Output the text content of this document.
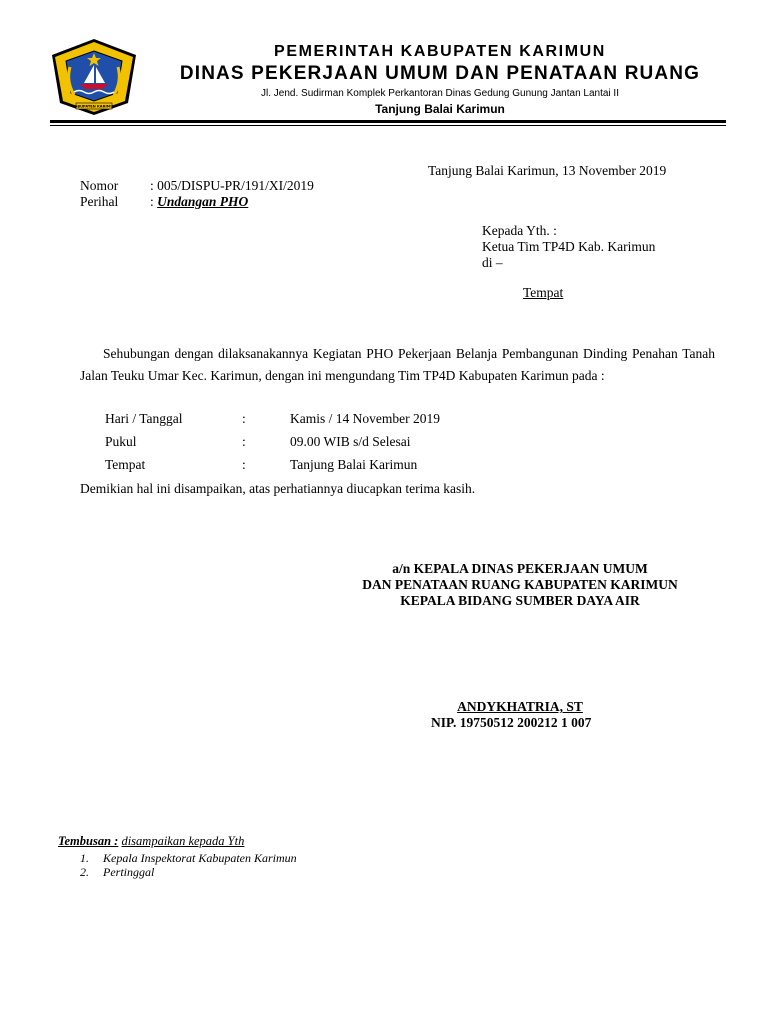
KABUPATEN KARIMUN
PEMERINTAH KABUPATEN KARIMUN
DINAS PEKERJAAN UMUM DAN PENATAAN RUANG
Jl. Jend. Sudirman Komplek Perkantoran Dinas Gedung Gunung Jantan Lantai II
Tanjung Balai Karimun
Tanjung Balai Karimun, 13 November 2019
Nomor : 005/DISPU-PR/191/XI/2019
Perihal : Undangan PHO
Kepada Yth. :
Ketua Tim TP4D Kab. Karimun
di –
Tempat
Sehubungan dengan dilaksanakannya Kegiatan PHO Pekerjaan Belanja Pembangunan Dinding Penahan Tanah Jalan Teuku Umar Kec. Karimun, dengan ini mengundang Tim TP4D Kabupaten Karimun pada :
Hari / Tanggal	:	Kamis / 14 November 2019
Pukul	:	09.00 WIB s/d Selesai
Tempat	:	Tanjung Balai Karimun
Demikian hal ini disampaikan, atas perhatiannya diucapkan terima kasih.
a/n KEPALA DINAS PEKERJAAN UMUM
DAN PENATAAN RUANG KABUPATEN KARIMUN
KEPALA BIDANG SUMBER DAYA AIR
ANDYKHATRIA, ST
NIP. 19750512 200212 1 007
Tembusan : disampaikan kepada Yth
1. Kepala Inspektorat Kabupaten Karimun
2. Pertinggal
